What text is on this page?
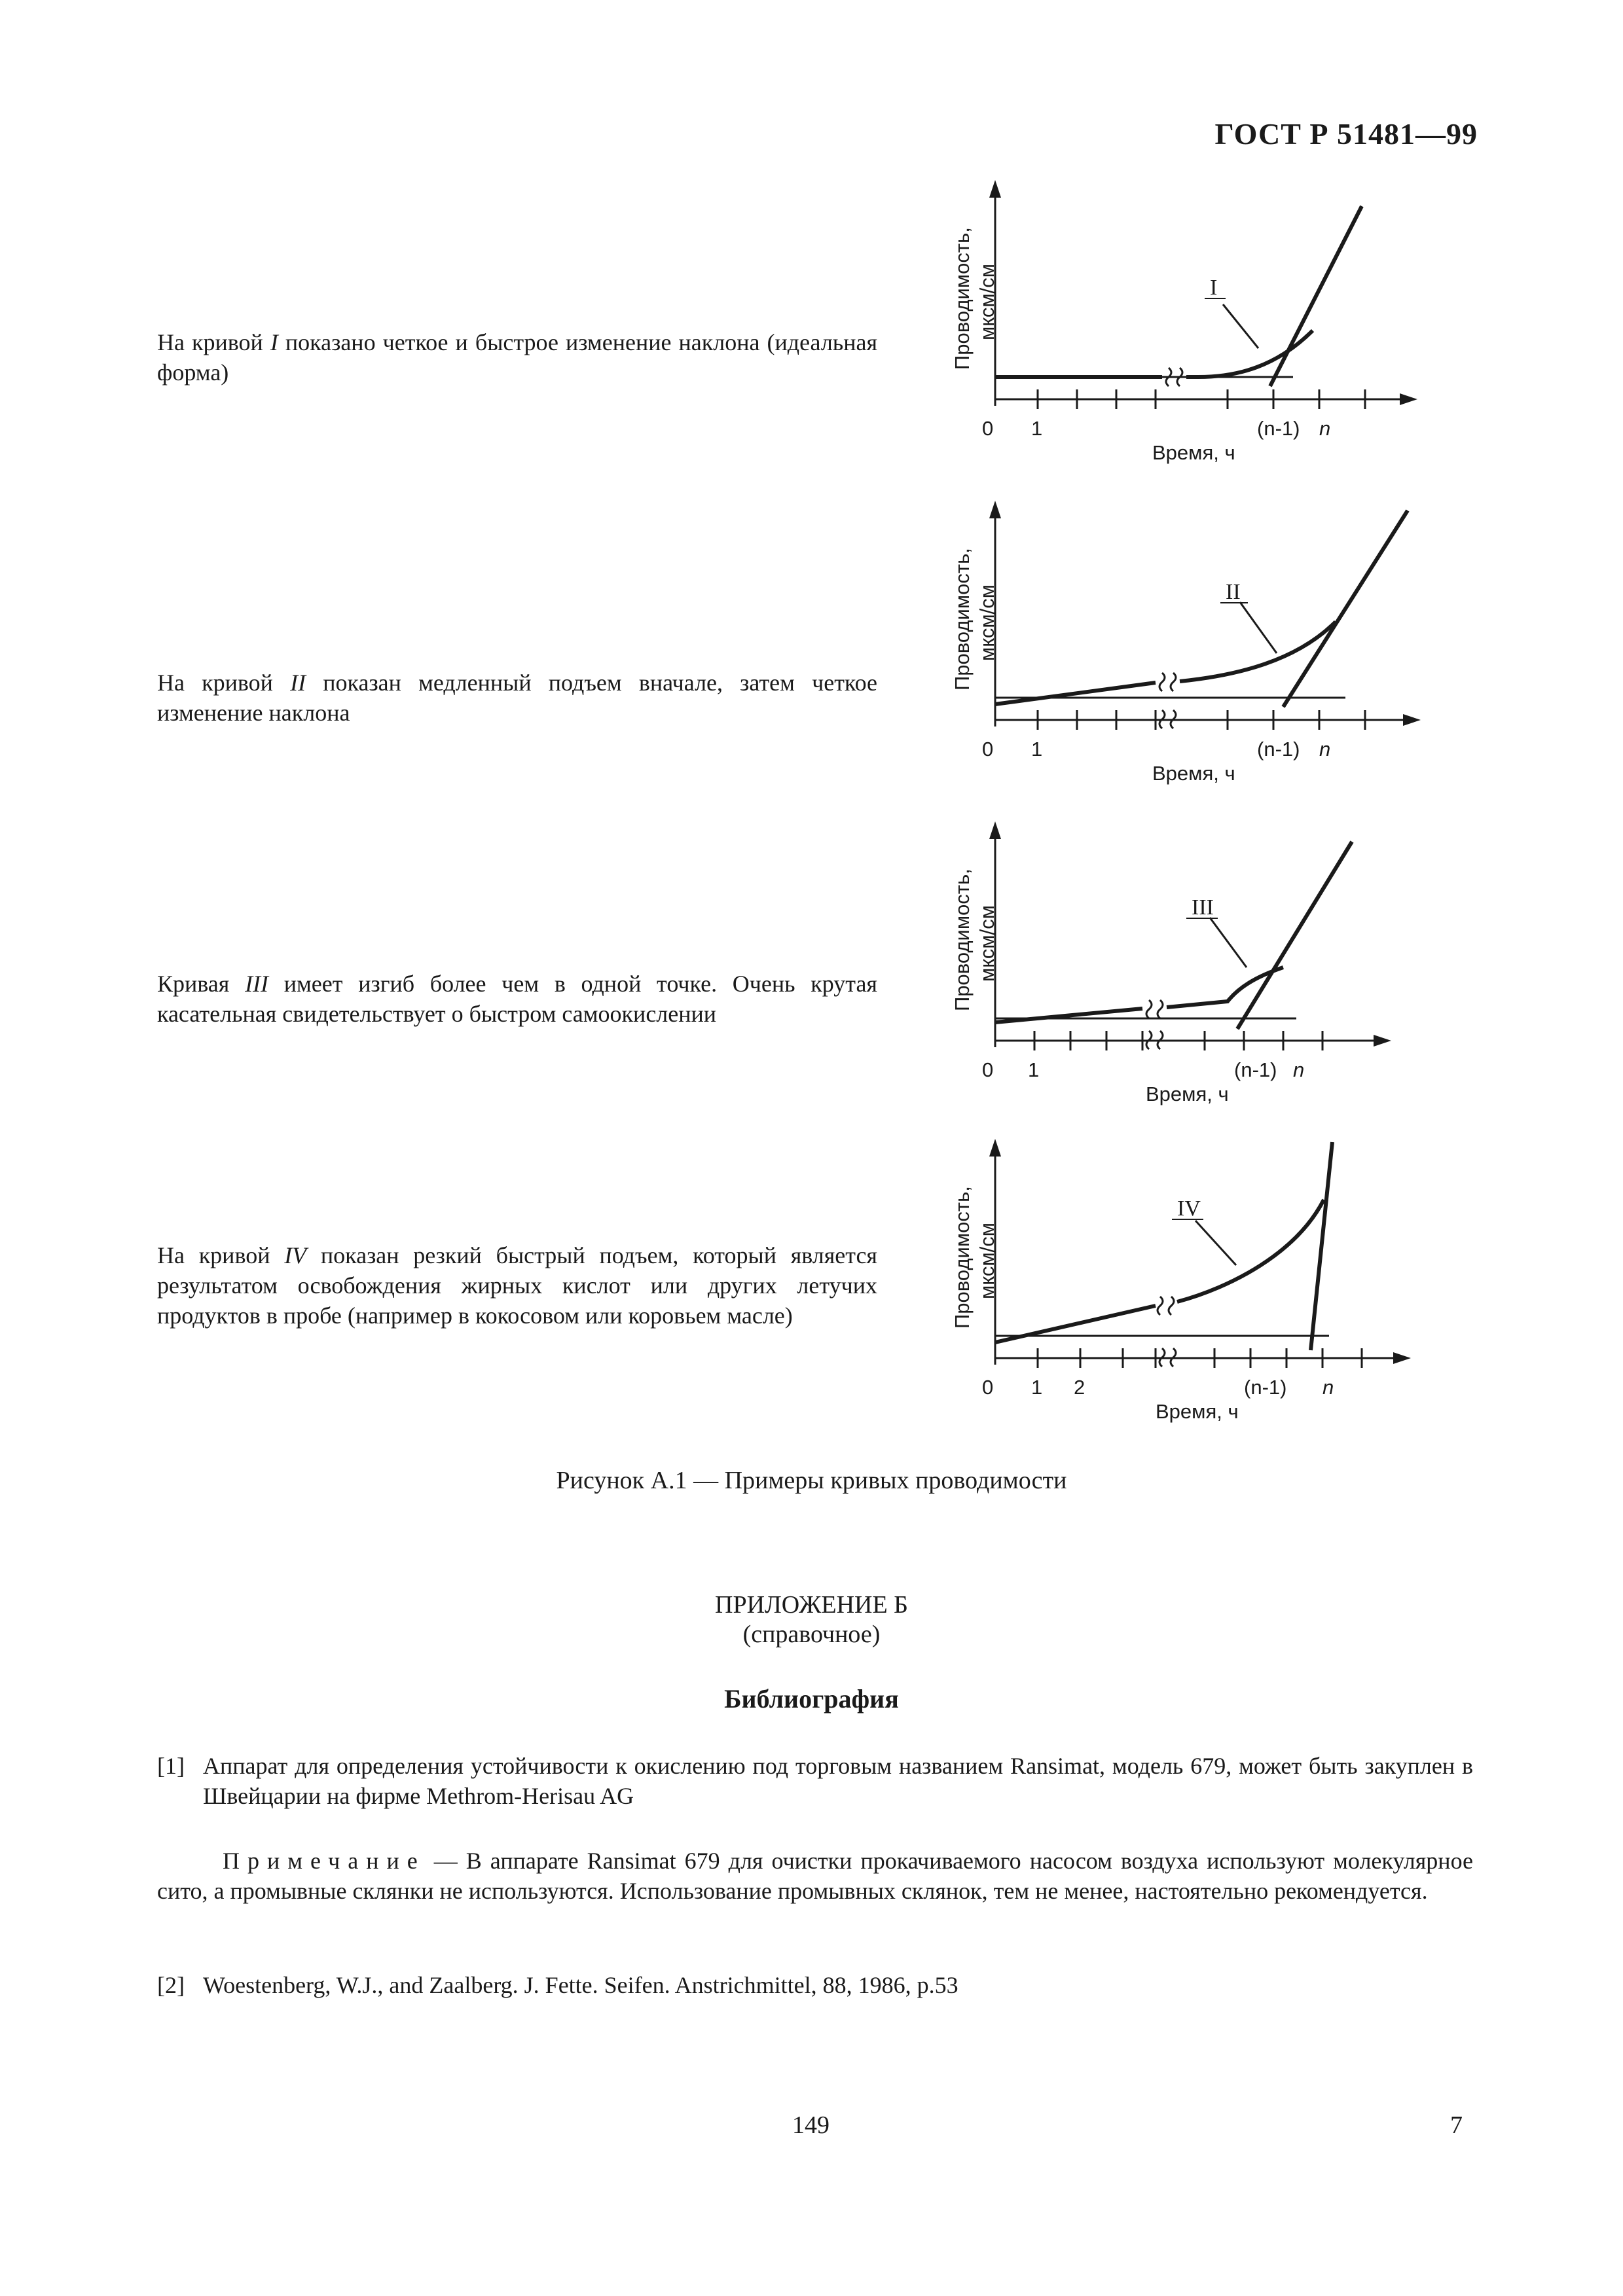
ГОСТ Р 51481—99
На кривой I показано четкое и быстрое изменение наклона (идеальная форма)
Проводимость, мкcм/cм	I
0 1	(n-1) n
Время, ч
На кривой II показан медленный подъем вначале, затем четкое изменение наклона
Проводимость, мкcм/cм	II
0 1	(n-1) n
Время, ч
Кривая III имеет изгиб более чем в одной точке. Очень крутая касательная свидетельствует о быстром самоокислении
Проводимость, мкcм/cм	III
0 1	(n-1) n
Время, ч
На кривой IV показан резкий быстрый подъем, который является результатом освобождения жирных кислот или других летучих продуктов в пробе (например в кокосовом или коровьем масле)	Проводимость, мкcм/cм
IV
0 1 2	(n-1) n
Время, ч
Рисунок А.1 — Примеры кривых проводимости
ПРИЛОЖЕНИЕ Б
(справочное)
Библиография
[1] Аппарат для определения устойчивости к окислению под торговым названием Ransimat, модель 679, может быть закуплен в Швейцарии на фирме Methrom-Herisau AG
Примечание — В аппарате Ransimat 679 для очистки прокачиваемого насосом воздуха используют молекулярное сито, а промывные склянки не используются. Использование промывных склянок, тем не менее, настоятельно рекомендуется.
[2] Woestenberg, W.J., and Zaalberg. J. Fette. Seifen. Anstrichmittel, 88, 1986, p.53
149	7
